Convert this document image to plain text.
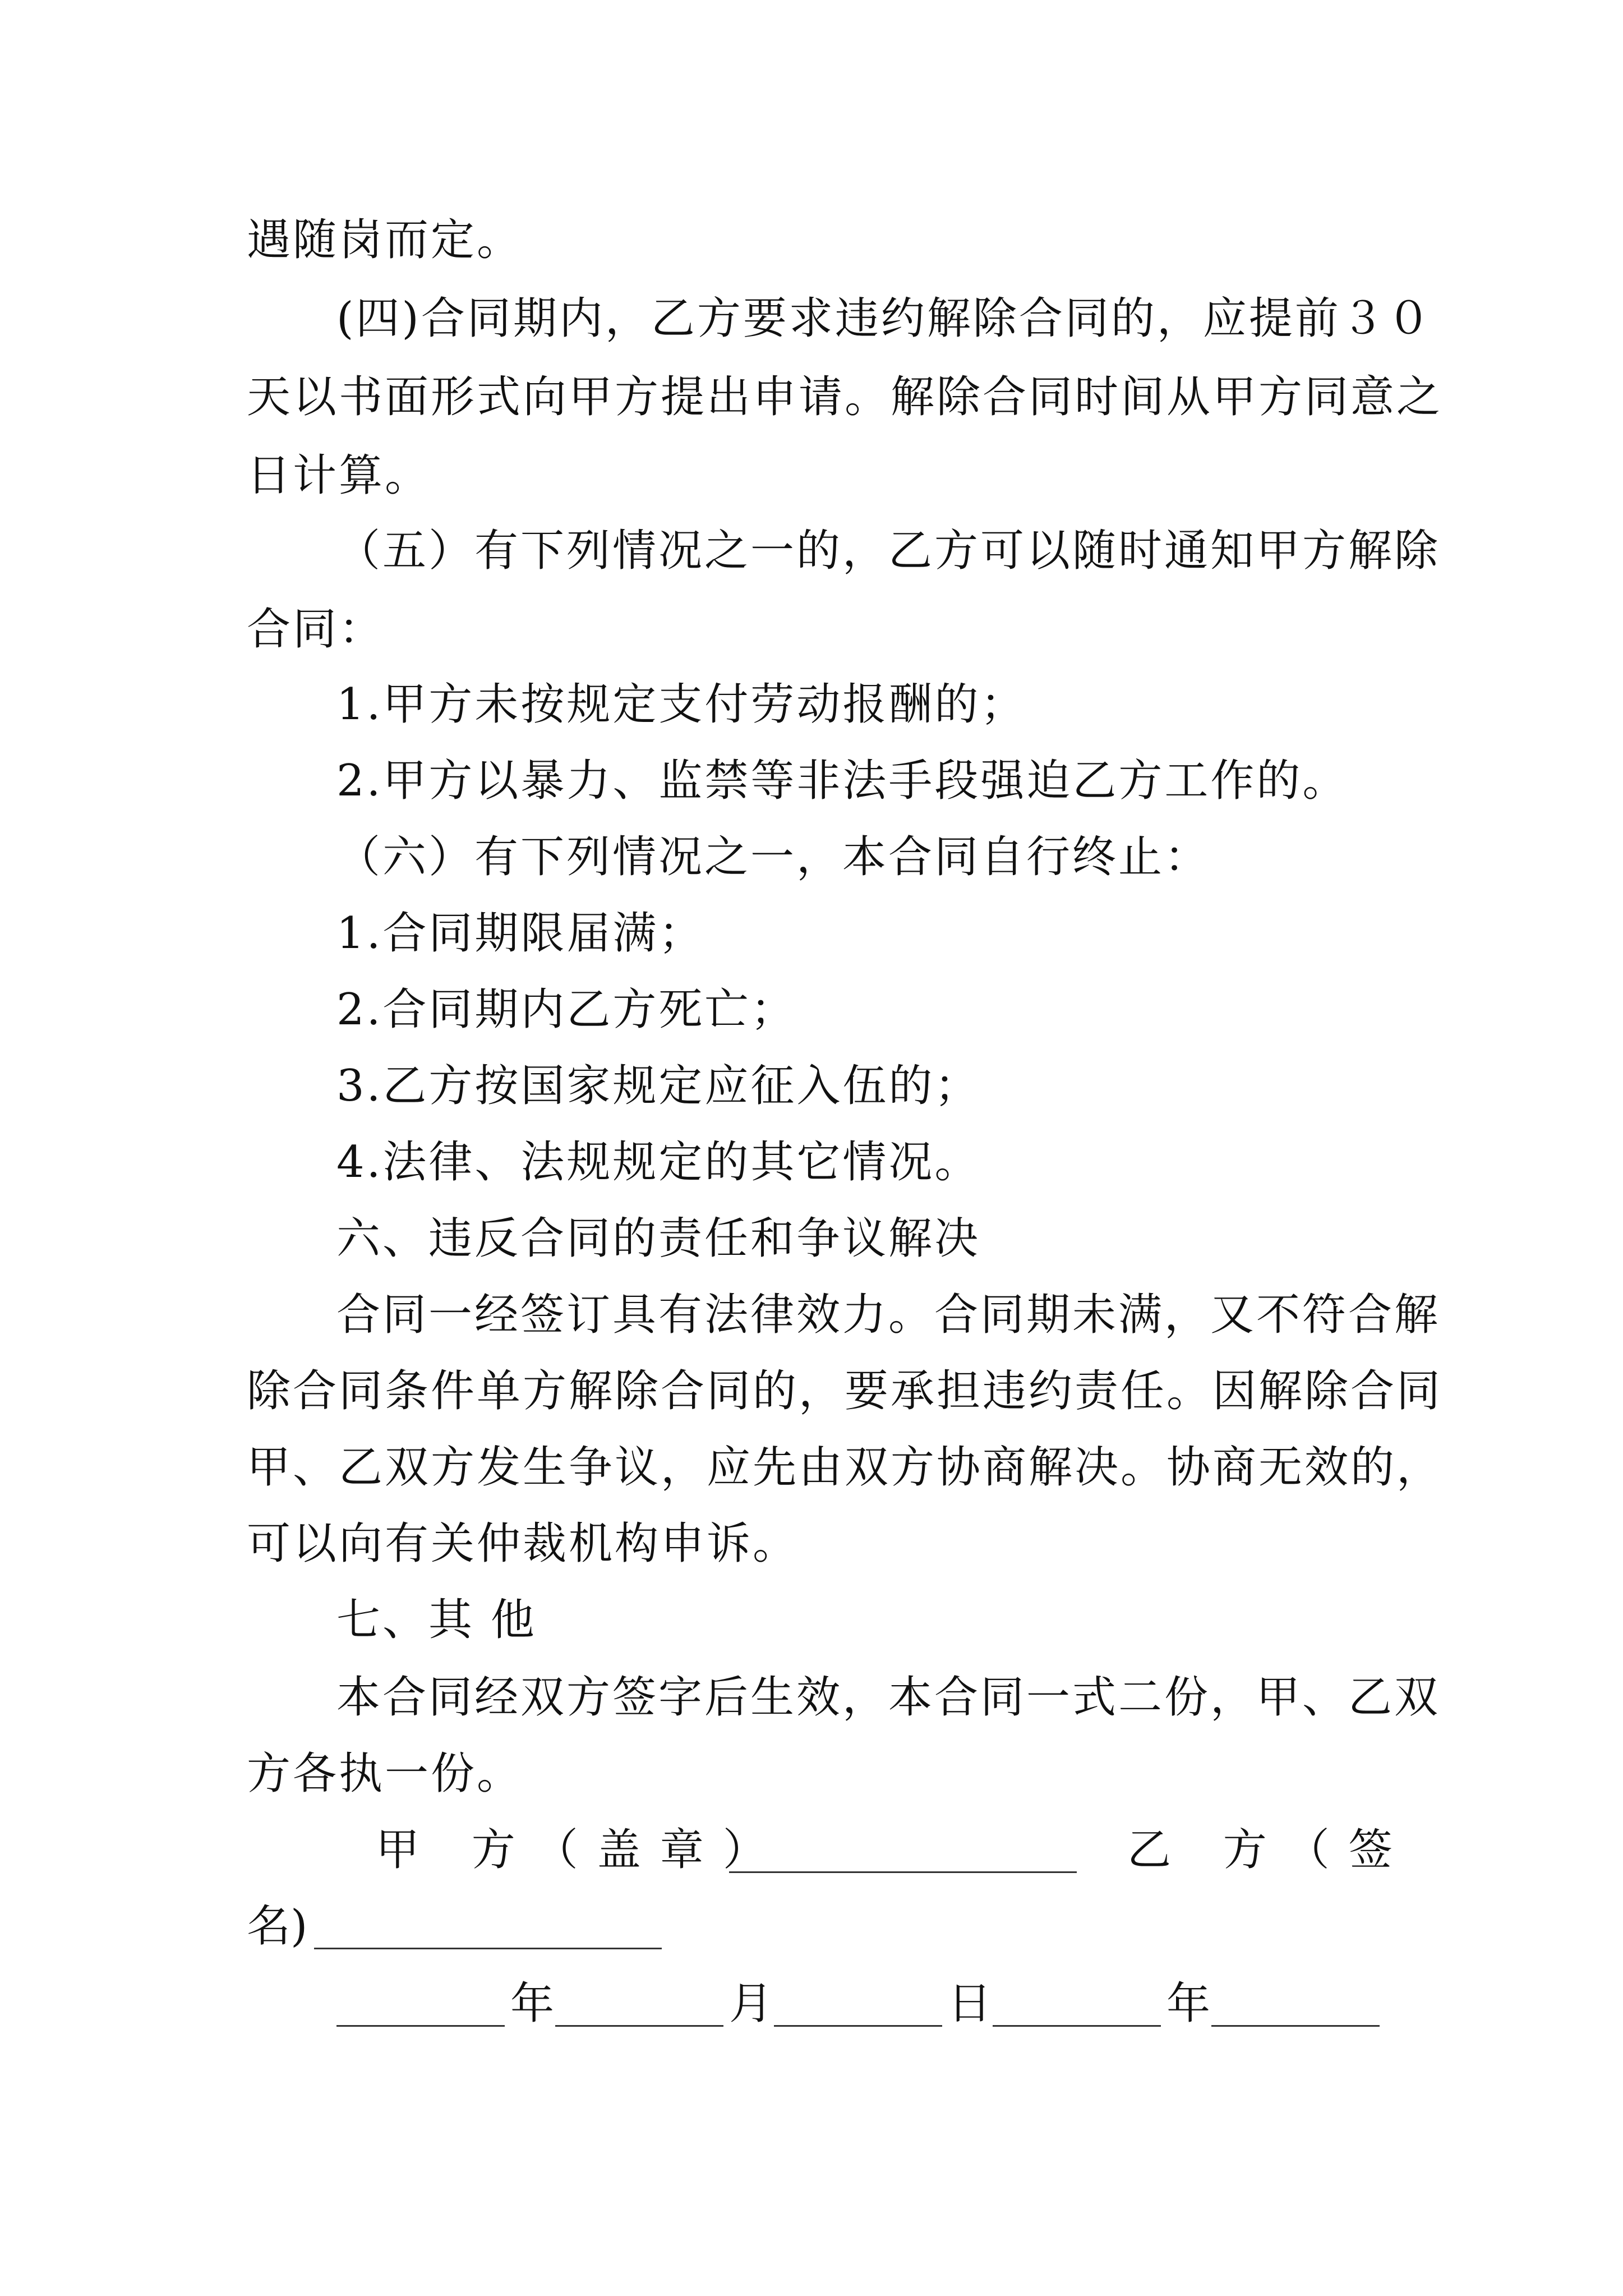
遇随岗而定。
(四)合同期内，乙方要求违约解除合同的，应提前３０
天以书面形式向甲方提出申请。解除合同时间从甲方同意之
日计算。
（五）有下列情况之一的，乙方可以随时通知甲方解除
合同：
1.甲方未按规定支付劳动报酬的；
2.甲方以暴力、监禁等非法手段强迫乙方工作的。
（六）有下列情况之一，本合同自行终止：
1.合同期限届满；
2.合同期内乙方死亡；
3.乙方按国家规定应征入伍的；
4.法律、法规规定的其它情况。
六、违反合同的责任和争议解决
合同一经签订具有法律效力。合同期未满，又不符合解
除合同条件单方解除合同的，要承担违约责任。因解除合同
甲、乙双方发生争议，应先由双方协商解决。协商无效的，
可以向有关仲裁机构申诉。
七、其 他
本合同经双方签字后生效，本合同一式二份，甲、乙双
方各执一份。
甲 方（盖章）	乙 方（签
名)
年	月	日	年
